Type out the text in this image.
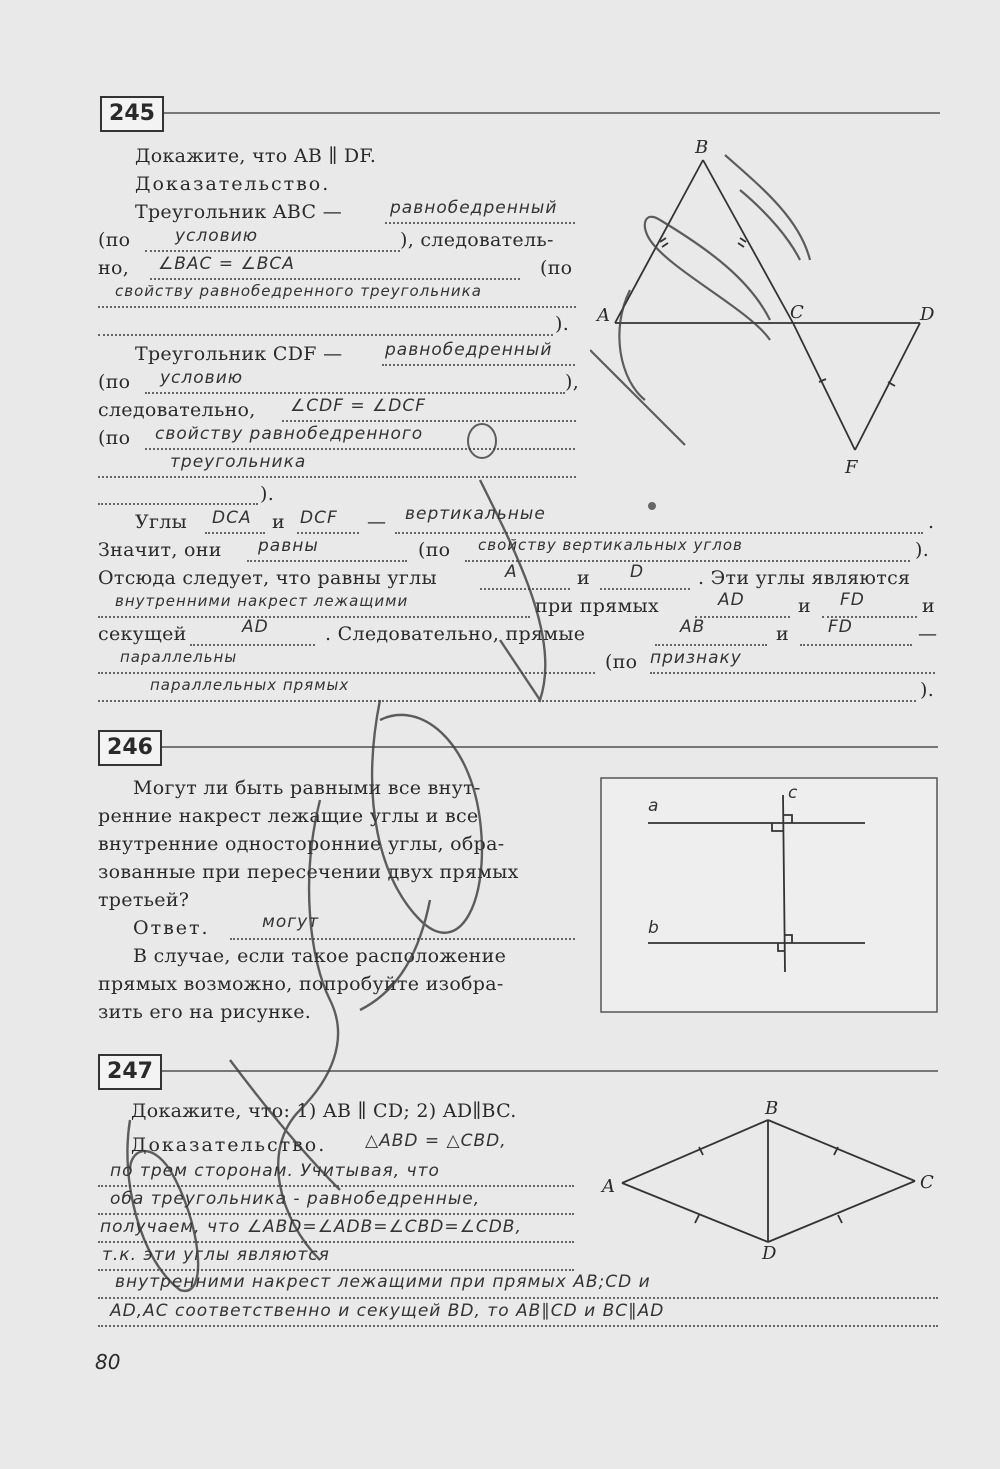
245
Докажите, что AB ∥ DF.
Доказательство.
Треугольник ABC —	равнобедренный
(по	условию	), следователь-
но, ∠BAC = ∠BCA	(по
свойству равнобедренного треугольника
).
Треугольник CDF —	равнобедренный
(по условию	),
следовательно, ∠CDF = ∠DCF
(по свойству равнобедренного
треугольника
).
Углы DCA и DCF — вертикальные	.
Значит, они равны	(по свойству вертикальных углов	).
Отсюда следует, что равны углы	A	и D	. Эти углы являются
внутренними накрест лежащими	при прямых	AD	и FD	и
секущей	AD	. Следовательно, прямые	AB	и FD	—
параллельны	(по признаку
параллельных прямых	).
B
A	C	D
F
246
Могут ли быть равными все внут-
ренние накрест лежащие углы и все
внутренние односторонние углы, обра-
зованные при пересечении двух прямых
третьей?
Ответ.	могут
В случае, если такое расположение
прямых возможно, попробуйте изобра-
зить его на рисунке.
a
b
c
247
Докажите, что: 1) AB ∥ CD; 2) AD∥BC.
Доказательство. △ABD = △CBD,
по трем сторонам. Учитывая, что
оба треугольника - равнобедренные,
получаем, что ∠ABD=∠ADB=∠CBD=∠CDB,
т.к. эти углы являются
внутренними накрест лежащими при прямых AB;CD и
AD,AC соответственно и секущей BD, то AB∥CD и BC∥AD
B
A	C
D
80
